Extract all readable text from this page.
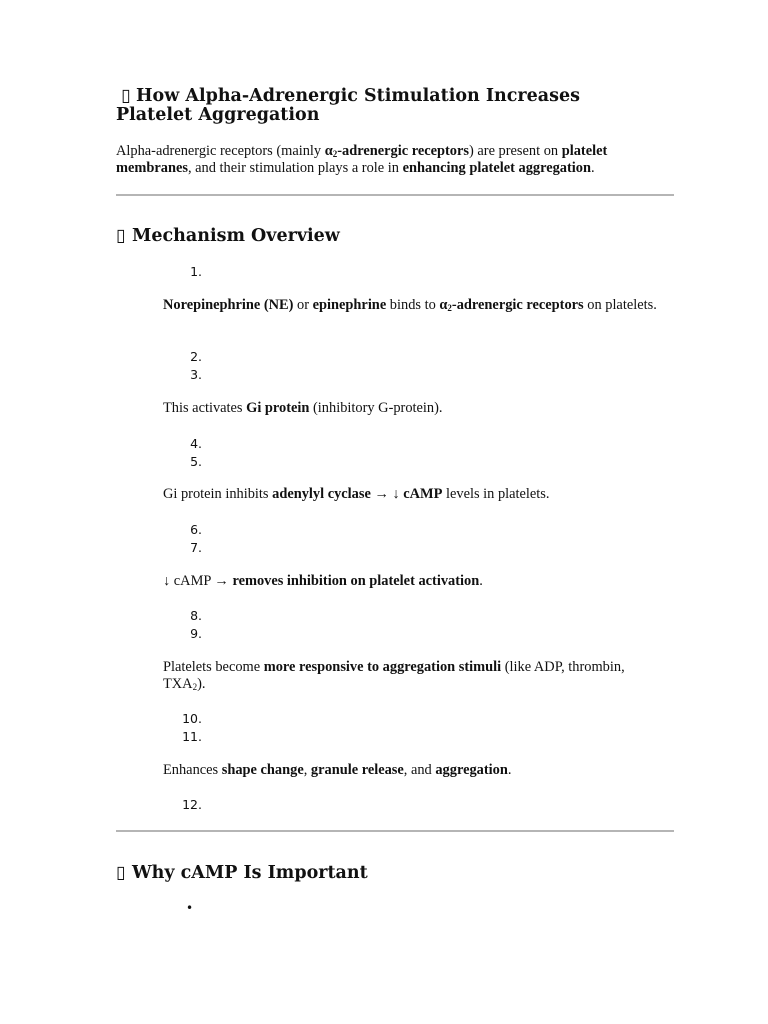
▯ How Alpha-Adrenergic Stimulation Increases Platelet Aggregation

Alpha-adrenergic receptors (mainly $\alpha_2$-adrenergic receptors) are present on platelet membranes, and their stimulation plays a role in enhancing platelet aggregation.

▯ Mechanism Overview
1.
2.
3.
4.
5.
6.
7.
8.
9.
10.
11.
12.

Norepinephrine (NE) or epinephrine binds to $\alpha_2$-adrenergic receptors on platelets.

This activates Gi protein (inhibitory G-protein).

Gi protein inhibits adenylyl cyclase → ↓ cAMP levels in platelets.

↓ cAMP → removes inhibition on platelet activation.

Platelets become more responsive to aggregation stimuli (like ADP, thrombin, $TXA_2$).

Enhances shape change, granule release, and aggregation.

▯ Why cAMP Is Important
•
